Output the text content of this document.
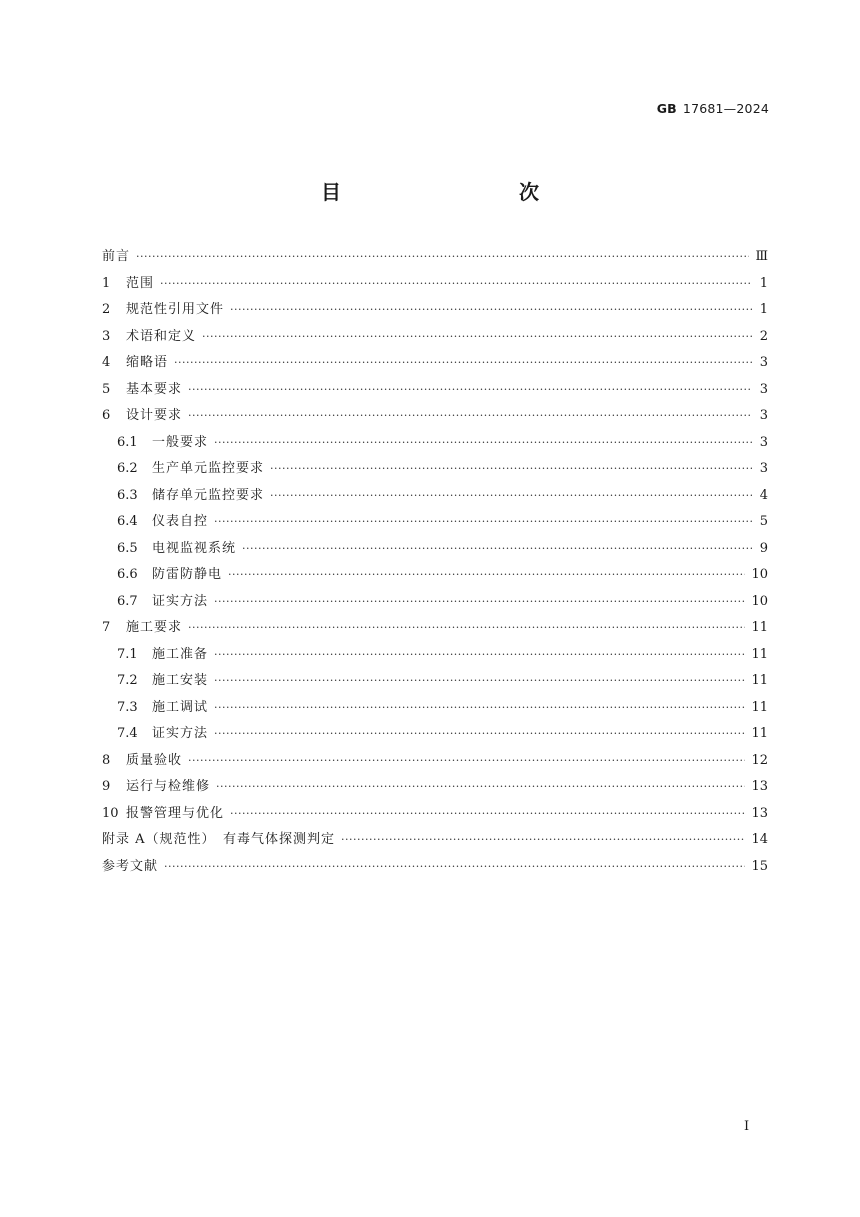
GB 17681—2024
目　　次
前言 ·····	Ⅲ
1	范围 ·····	1
2	规范性引用文件 ·····	1
3	术语和定义 ·····	2
4	缩略语 ·····	3
5	基本要求 ·····	3
6	设计要求 ·····	3
6.1	一般要求 ·····	3
6.2	生产单元监控要求 ·····	3
6.3	储存单元监控要求 ·····	4
6.4	仪表自控 ·····	5
6.5	电视监视系统 ·····	9
6.6	防雷防静电 ·····	10
6.7	证实方法 ·····	10
7	施工要求 ·····	11
7.1	施工准备 ·····	11
7.2	施工安装 ·····	11
7.3	施工调试 ·····	11
7.4	证实方法 ·····	11
8	质量验收 ·····	12
9	运行与检维修 ·····	13
10 报警管理与优化 ·····	13
附录 A（规范性）　有毒气体探测判定 ·····	14
参考文献 ·····	15
I
